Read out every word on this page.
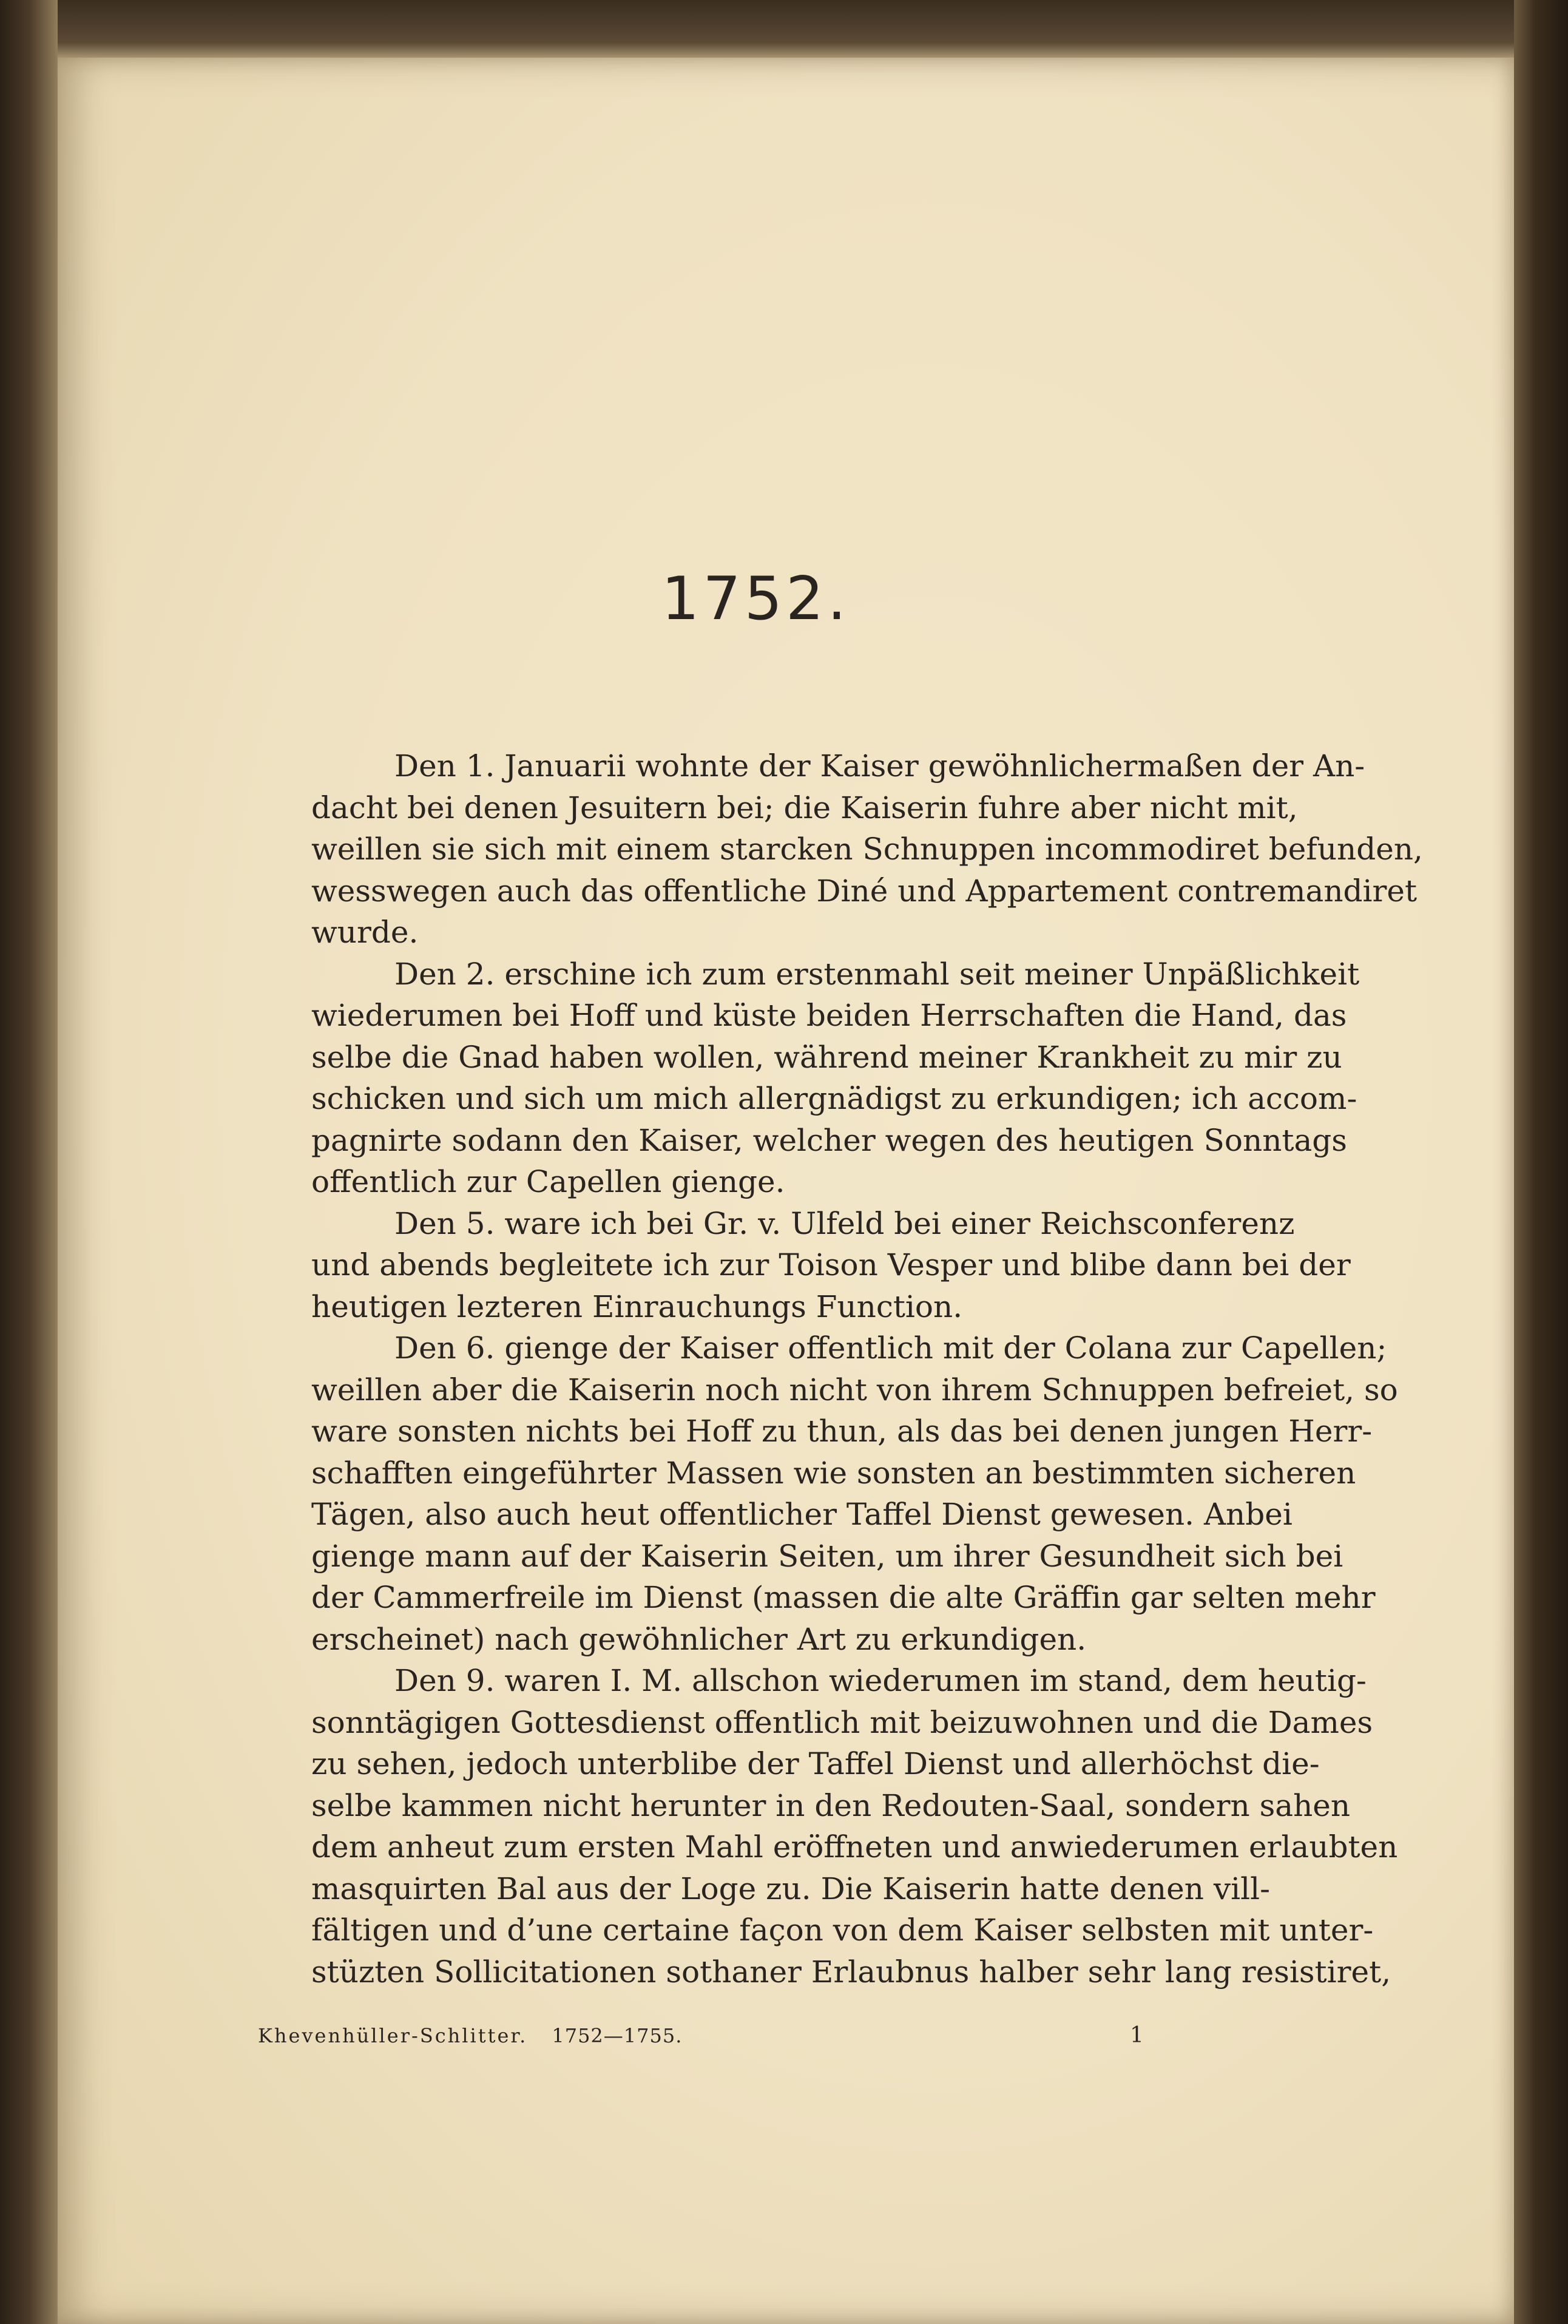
1752.
Den 1. Januarii wohnte der Kaiser gewöhnlichermaßen der An-
dacht bei denen Jesuitern bei; die Kaiserin fuhre aber nicht mit,
weillen sie sich mit einem starcken Schnuppen incommodiret befunden,
wesswegen auch das offentliche Diné und Appartement contremandiret
wurde.
Den 2. erschine ich zum erstenmahl seit meiner Unpäßlichkeit
wiederumen bei Hoff und küste beiden Herrschaften die Hand, das
selbe die Gnad haben wollen, während meiner Krankheit zu mir zu
schicken und sich um mich allergnädigst zu erkundigen; ich accom-
pagnirte sodann den Kaiser, welcher wegen des heutigen Sonntags
offentlich zur Capellen gienge.
Den 5. ware ich bei Gr. v. Ulfeld bei einer Reichsconferenz
und abends begleitete ich zur Toison Vesper und blibe dann bei der
heutigen lezteren Einrauchungs Function.
Den 6. gienge der Kaiser offentlich mit der Colana zur Capellen;
weillen aber die Kaiserin noch nicht von ihrem Schnuppen befreiet, so
ware sonsten nichts bei Hoff zu thun, als das bei denen jungen Herr-
schafften eingeführter Massen wie sonsten an bestimmten sicheren
Tägen, also auch heut offentlicher Taffel Dienst gewesen. Anbei
gienge mann auf der Kaiserin Seiten, um ihrer Gesundheit sich bei
der Cammerfreile im Dienst (massen die alte Gräffin gar selten mehr
erscheinet) nach gewöhnlicher Art zu erkundigen.
Den 9. waren I. M. allschon wiederumen im stand, dem heutig-
sonntägigen Gottesdienst offentlich mit beizuwohnen und die Dames
zu sehen, jedoch unterblibe der Taffel Dienst und allerhöchst die-
selbe kammen nicht herunter in den Redouten-Saal, sondern sahen
dem anheut zum ersten Mahl eröffneten und anwiederumen erlaubten
masquirten Bal aus der Loge zu. Die Kaiserin hatte denen vill-
fältigen und d’une certaine façon von dem Kaiser selbsten mit unter-
stüzten Sollicitationen sothaner Erlaubnus halber sehr lang resistiret,
Khevenhüller-Schlitter. 1752—1755.	1
